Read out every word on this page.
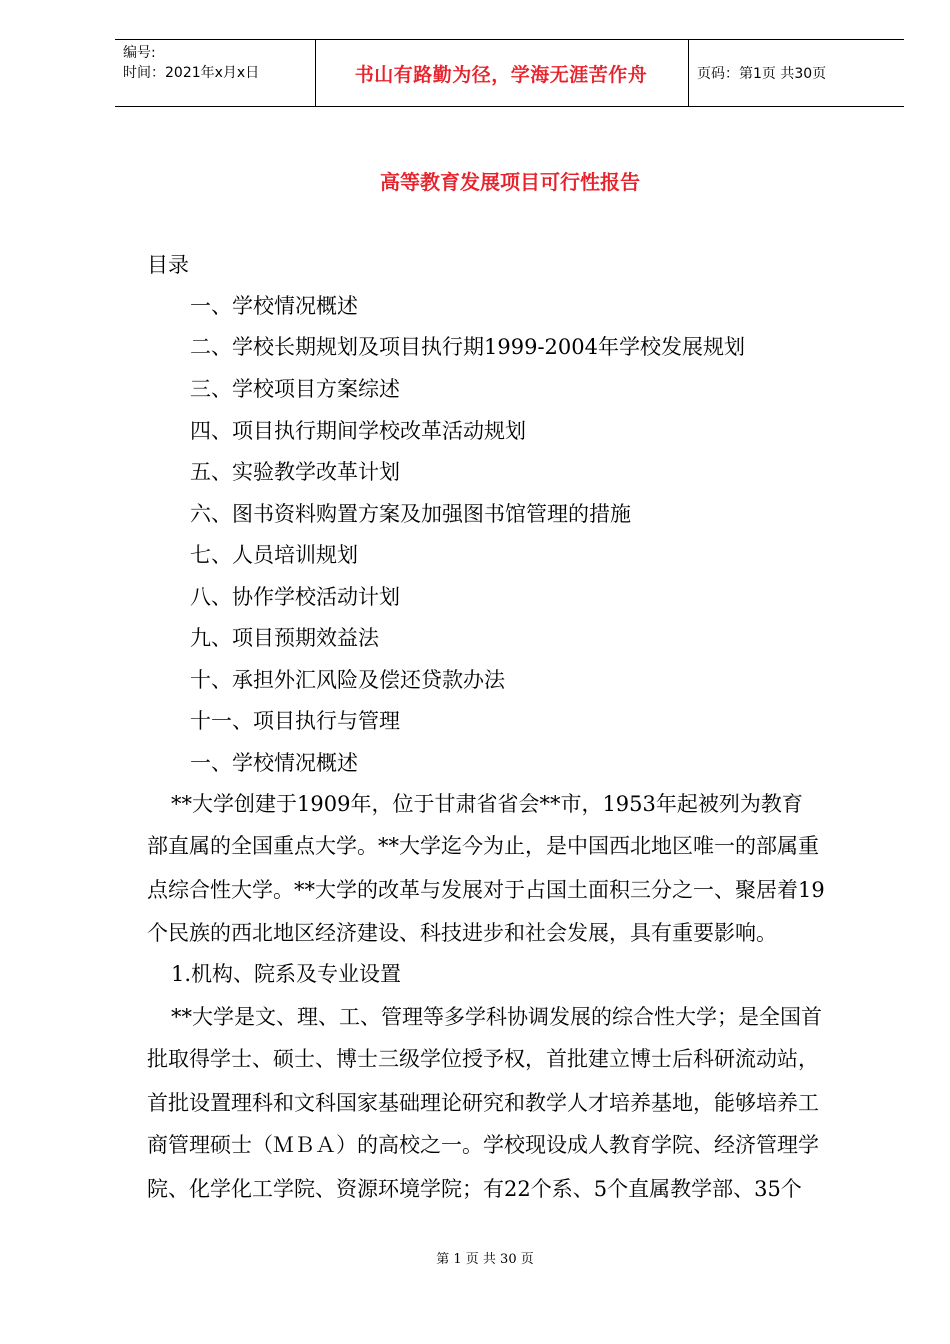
编号:
时间：2021年x月x日	书山有路勤为径，学海无涯苦作舟	页码：第1页 共30页
高等教育发展项目可行性报告
目录
一、学校情况概述
二、学校长期规划及项目执行期1999-2004年学校发展规划
三、学校项目方案综述
四、项目执行期间学校改革活动规划
五、实验教学改革计划
六、图书资料购置方案及加强图书馆管理的措施
七、人员培训规划
八、协作学校活动计划
九、项目预期效益法
十、承担外汇风险及偿还贷款办法
十一、项目执行与管理
一、学校情况概述
**大学创建于1909年，位于甘肃省省会**市，1953年起被列为教育
部直属的全国重点大学。**大学迄今为止，是中国西北地区唯一的部属重
点综合性大学。**大学的改革与发展对于占国土面积三分之一、聚居着19
个民族的西北地区经济建设、科技进步和社会发展，具有重要影响。
1.机构、院系及专业设置
**大学是文、理、工、管理等多学科协调发展的综合性大学；是全国首
批取得学士、硕士、博士三级学位授予权，首批建立博士后科研流动站，
首批设置理科和文科国家基础理论研究和教学人才培养基地，能够培养工
商管理硕士（ＭＢＡ）的高校之一。学校现设成人教育学院、经济管理学
院、化学化工学院、资源环境学院；有22个系、5个直属教学部、35个
第 1 页 共 30 页
